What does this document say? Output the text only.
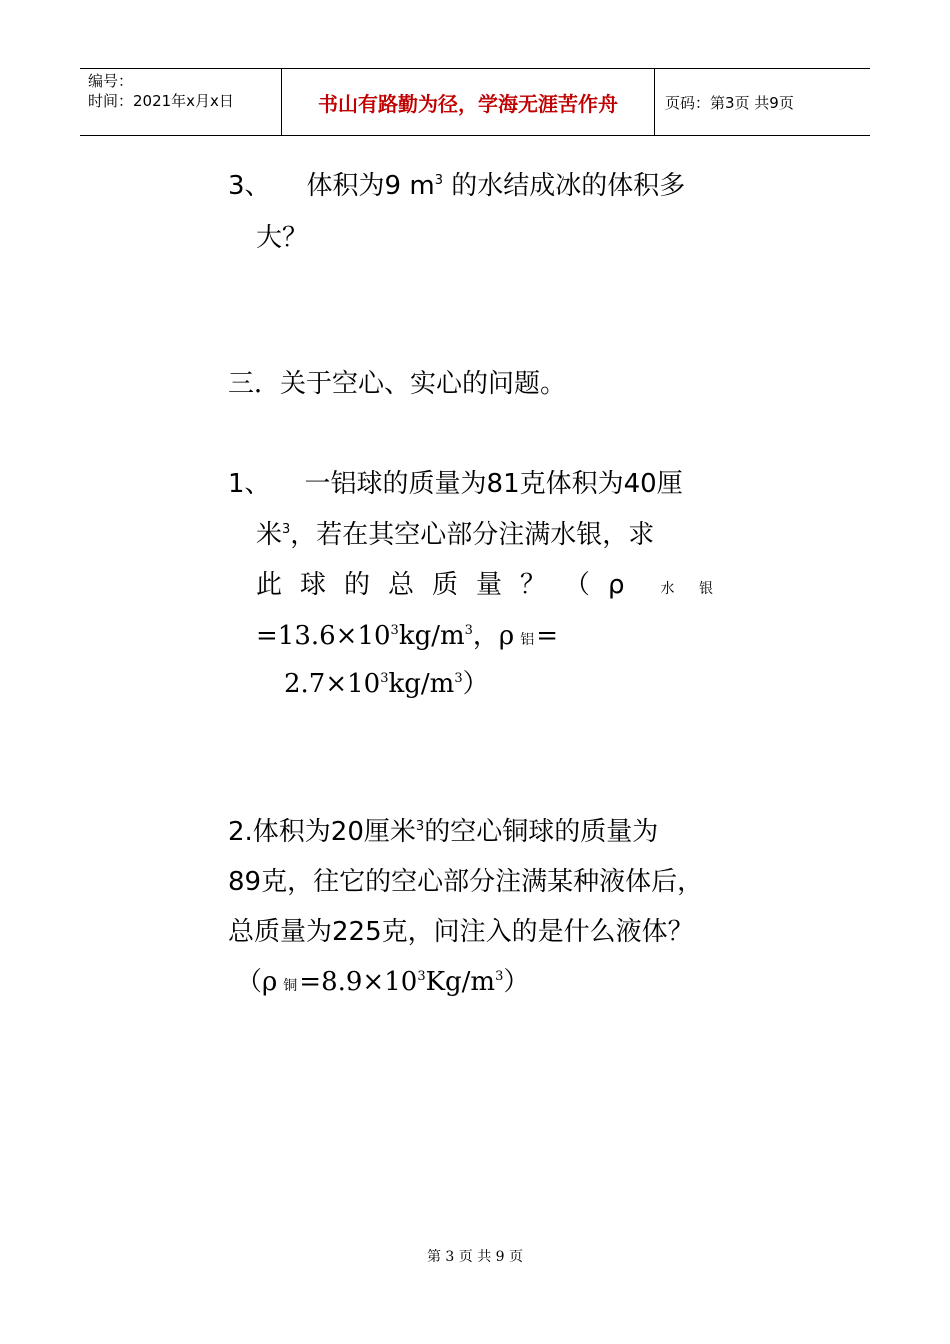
编号：
时间：2021年x月x日	书山有路勤为径，学海无涯苦作舟	页码：第3页 共9页
3、 体积为9 $m^3$ 的水结成冰的体积多
大？
三．关于空心、实心的问题。
1、 一铝球的质量为81克体积为40厘
米$^3$，若在其空心部分注满水银，求
此球的总质量？（ρ 水 银
$=13.6\times 10^3kg/m^3$，ρ 铝=
$2.7\times 10^3kg/m^3$）
2.体积为20厘米$^3$的空心铜球的质量为
89克，往它的空心部分注满某种液体后，
总质量为225克，问注入的是什么液体？
（ρ铜$=8.9\times 10^3Kg/m^3$）
第 3 页 共 9 页
